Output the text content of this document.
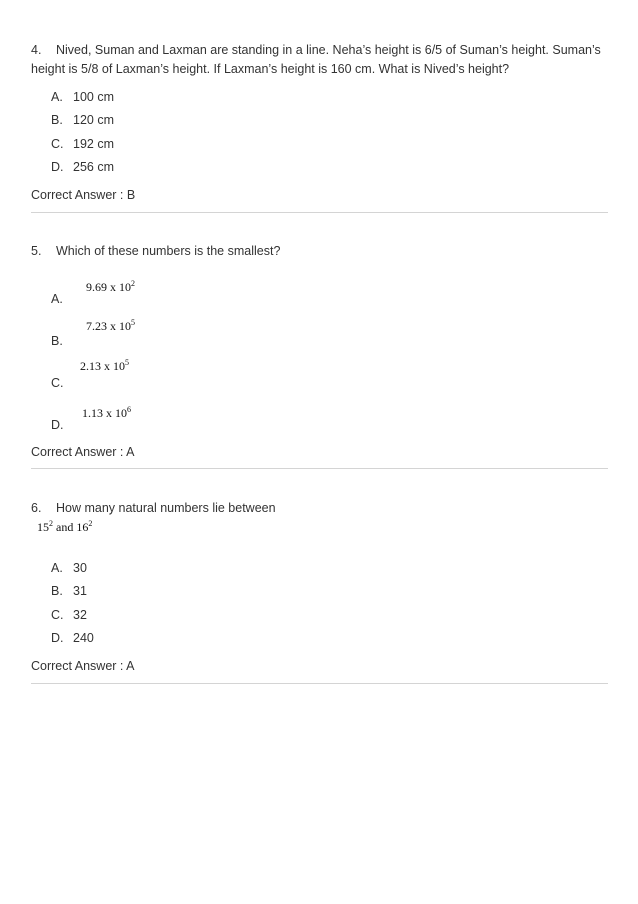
4. Nived, Suman and Laxman are standing in a line. Neha’s height is 6/5 of Suman’s height. Suman’s
height is 5/8 of Laxman’s height. If Laxman’s height is 160 cm. What is Nived’s height?
A. 100 cm
B. 120 cm
C. 192 cm
D. 256 cm
Correct Answer : B
5. Which of these numbers is the smallest?
9.69 x $10^2$
A.
7.23 x $10^5$
B.
2.13 x $10^5$
C.
1.13 x $10^6$
D.
Correct Answer : A
6. How many natural numbers lie between
$15^2$ and $16^2$
A. 30
B. 31
C. 32
D. 240
Correct Answer : A
